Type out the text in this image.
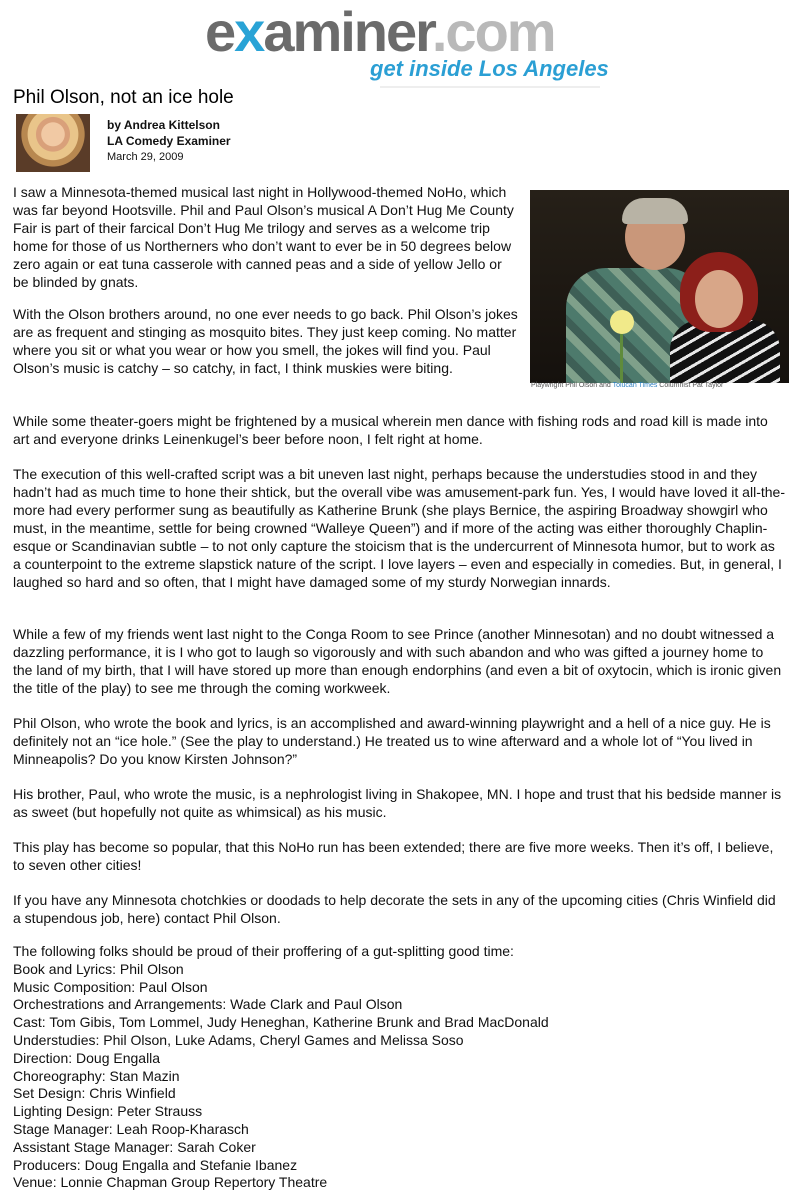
examiner.com
get inside Los Angeles
Phil Olson, not an ice hole
by Andrea Kittelson
LA Comedy Examiner
March 29, 2009
Playwright Phil Olson and Tolucan Times Columnist Pat Taylor

I saw a Minnesota-themed musical last night in Hollywood-themed NoHo, which was far beyond Hootsville. Phil and Paul Olson’s musical A Don’t Hug Me County Fair is part of their farcical Don’t Hug Me trilogy and serves as a welcome trip home for those of us Northerners who don’t want to ever be in 50 degrees below zero again or eat tuna casserole with canned peas and a side of yellow Jello or be blinded by gnats.

With the Olson brothers around, no one ever needs to go back. Phil Olson’s jokes are as frequent and stinging as mosquito bites. They just keep coming. No matter where you sit or what you wear or how you smell, the jokes will find you. Paul Olson’s music is catchy – so catchy, in fact, I think muskies were biting.

While some theater-goers might be frightened by a musical wherein men dance with fishing rods and road kill is made into art and everyone drinks Leinenkugel’s beer before noon, I felt right at home.

The execution of this well-crafted script was a bit uneven last night, perhaps because the understudies stood in and they hadn’t had as much time to hone their shtick, but the overall vibe was amusement-park fun. Yes, I would have loved it all-the-more had every performer sung as beautifully as Katherine Brunk (she plays Bernice, the aspiring Broadway showgirl who must, in the meantime, settle for being crowned “Walleye Queen”) and if more of the acting was either thoroughly Chaplin-esque or Scandinavian subtle – to not only capture the stoicism that is the undercurrent of Minnesota humor, but to work as a counterpoint to the extreme slapstick nature of the script. I love layers – even and especially in comedies. But, in general, I laughed so hard and so often, that I might have damaged some of my sturdy Norwegian innards.

While a few of my friends went last night to the Conga Room to see Prince (another Minnesotan) and no doubt witnessed a dazzling performance, it is I who got to laugh so vigorously and with such abandon and who was gifted a journey home to the land of my birth, that I will have stored up more than enough endorphins (and even a bit of oxytocin, which is ironic given the title of the play) to see me through the coming workweek.

Phil Olson, who wrote the book and lyrics, is an accomplished and award-winning playwright and a hell of a nice guy. He is definitely not an “ice hole.” (See the play to understand.) He treated us to wine afterward and a whole lot of “You lived in Minneapolis? Do you know Kirsten Johnson?”

His brother, Paul, who wrote the music, is a nephrologist living in Shakopee, MN. I hope and trust that his bedside manner is as sweet (but hopefully not quite as whimsical) as his music.

This play has become so popular, that this NoHo run has been extended; there are five more weeks. Then it’s off, I believe, to seven other cities!

If you have any Minnesota chotchkies or doodads to help decorate the sets in any of the upcoming cities (Chris Winfield did a stupendous job, here) contact Phil Olson.

The following folks should be proud of their proffering of a gut-splitting good time:
Book and Lyrics: Phil Olson
Music Composition: Paul Olson
Orchestrations and Arrangements: Wade Clark and Paul Olson
Cast: Tom Gibis, Tom Lommel, Judy Heneghan, Katherine Brunk and Brad MacDonald
Understudies: Phil Olson, Luke Adams, Cheryl Games and Melissa Soso
Direction: Doug Engalla
Choreography: Stan Mazin
Set Design: Chris Winfield
Lighting Design: Peter Strauss
Stage Manager: Leah Roop-Kharasch
Assistant Stage Manager: Sarah Coker
Producers: Doug Engalla and Stefanie Ibanez
Venue: Lonnie Chapman Group Repertory Theatre
